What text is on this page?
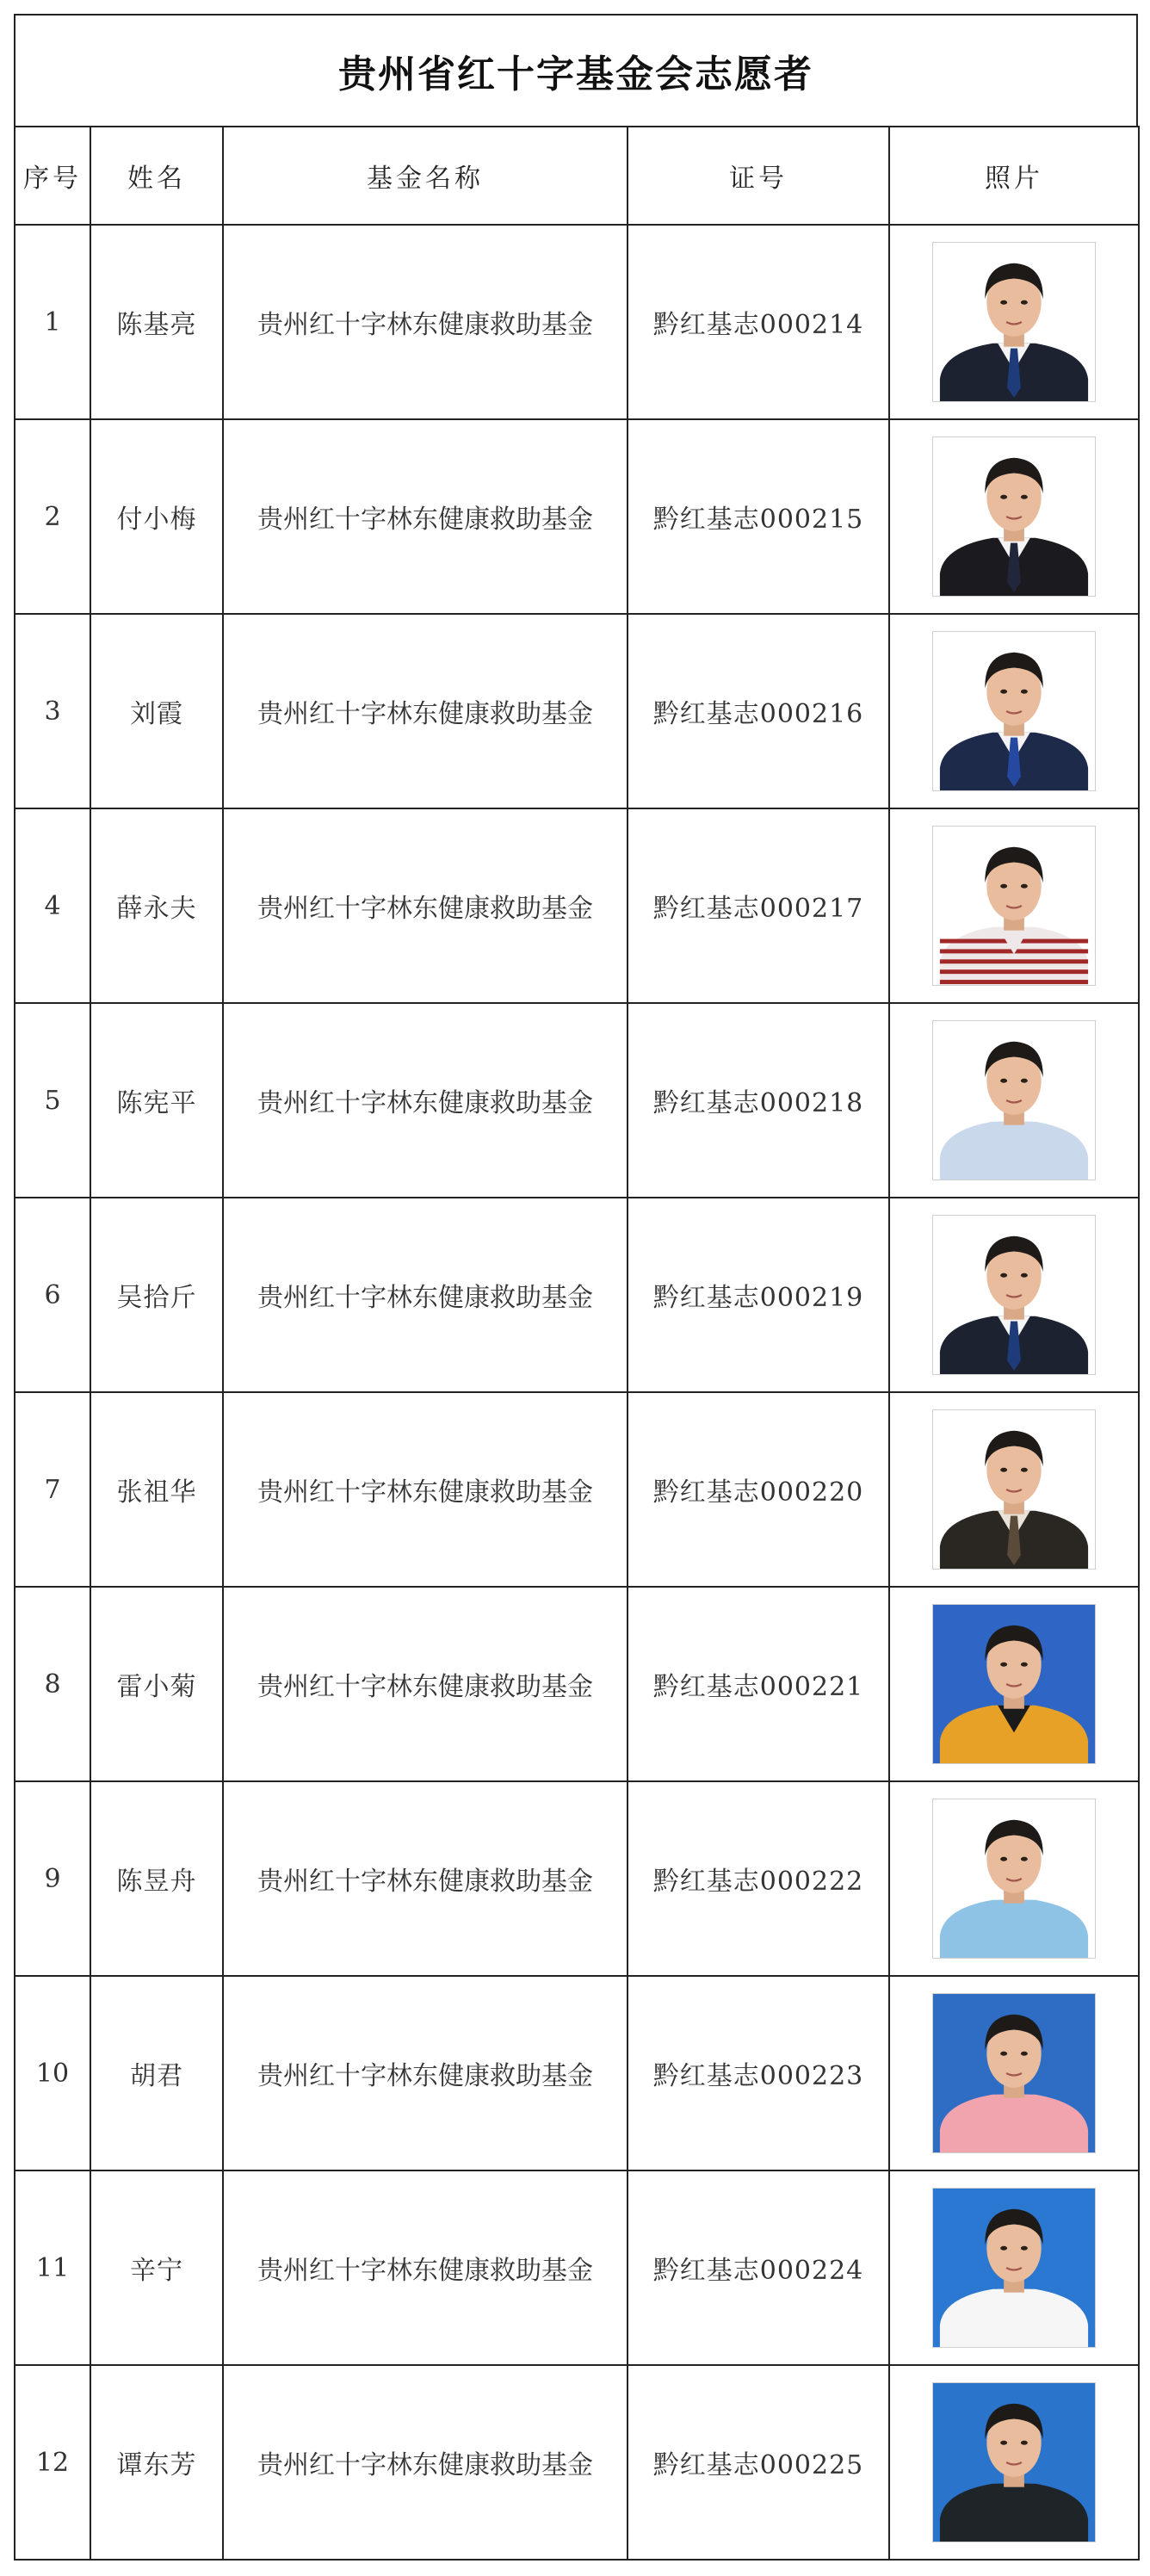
贵州省红十字基金会志愿者
序号	姓名	基金名称	证号	照片
1	陈基亮	贵州红十字林东健康救助基金	黔红基志000214	

2	付小梅	贵州红十字林东健康救助基金	黔红基志000215	

3	刘霞	贵州红十字林东健康救助基金	黔红基志000216	

4	薛永夫	贵州红十字林东健康救助基金	黔红基志000217	

5	陈宪平	贵州红十字林东健康救助基金	黔红基志000218	

6	吴拾斤	贵州红十字林东健康救助基金	黔红基志000219	

7	张祖华	贵州红十字林东健康救助基金	黔红基志000220	

8	雷小菊	贵州红十字林东健康救助基金	黔红基志000221	

9	陈昱舟	贵州红十字林东健康救助基金	黔红基志000222	

10	胡君	贵州红十字林东健康救助基金	黔红基志000223	

11	辛宁	贵州红十字林东健康救助基金	黔红基志000224	

12	谭东芳	贵州红十字林东健康救助基金	黔红基志000225	
